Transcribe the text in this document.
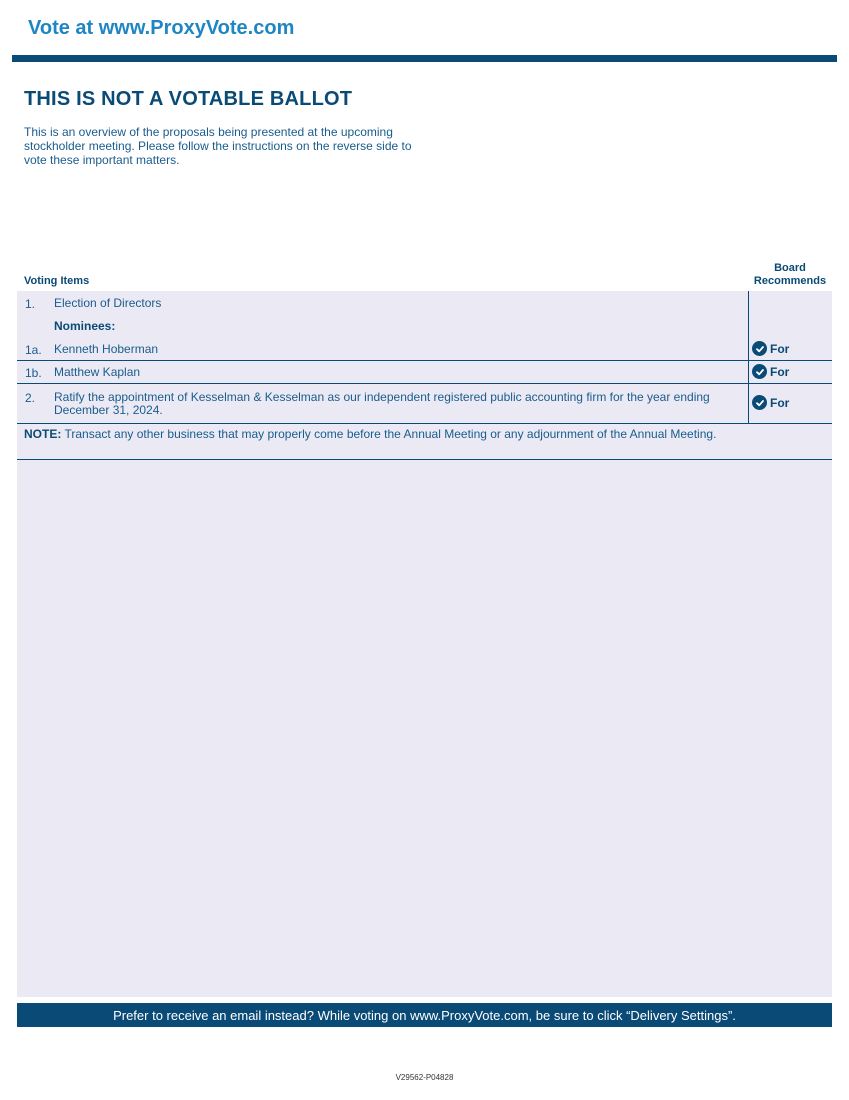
Vote at www.ProxyVote.com
THIS IS NOT A VOTABLE BALLOT
This is an overview of the proposals being presented at the upcoming stockholder meeting. Please follow the instructions on the reverse side to vote these important matters.
Voting Items
Board
Recommends
1. Election of Directors
Nominees:
1a. Kenneth Hoberman	For
1b. Matthew Kaplan	For
2. Ratify the appointment of Kesselman & Kesselman as our independent registered public accounting firm for the year ending December 31, 2024.
For
NOTE: Transact any other business that may properly come before the Annual Meeting or any adjournment of the Annual Meeting.
Prefer to receive an email instead? While voting on www.ProxyVote.com, be sure to click “Delivery Settings”.
V29562-P04828
